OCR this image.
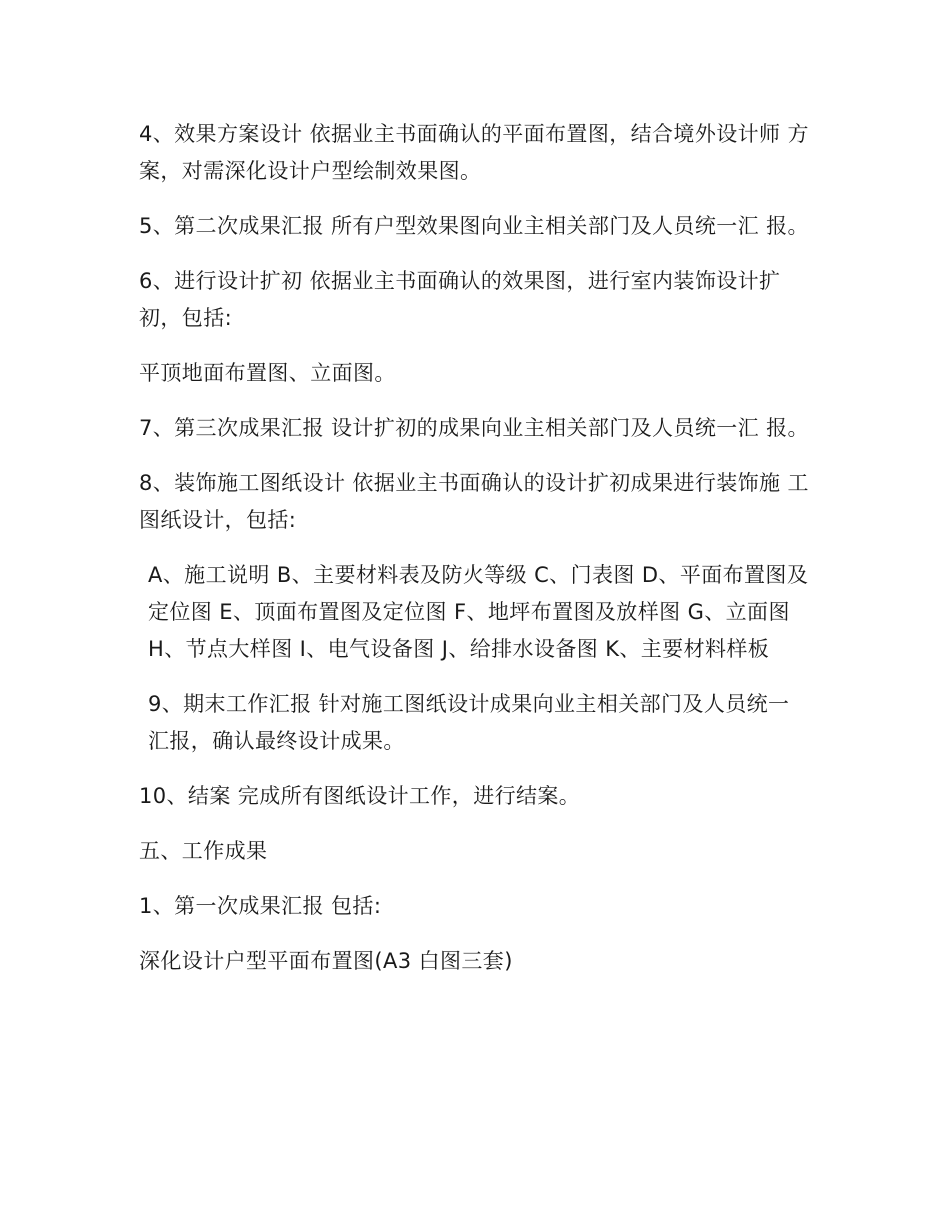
4、效果方案设计 依据业主书面确认的平面布置图，结合境外设计师 方案，对需深化设计户型绘制效果图。

5、第二次成果汇报 所有户型效果图向业主相关部门及人员统一汇 报。

6、进行设计扩初 依据业主书面确认的效果图，进行室内装饰设计扩 初，包括:

平顶地面布置图、立面图。

7、第三次成果汇报 设计扩初的成果向业主相关部门及人员统一汇 报。

8、装饰施工图纸设计 依据业主书面确认的设计扩初成果进行装饰施 工图纸设计，包括:

A、施工说明 B、主要材料表及防火等级 C、门表图 D、平面布置图及定位图 E、顶面布置图及定位图 F、地坪布置图及放样图 G、立面图 H、节点大样图 I、电气设备图 J、给排水设备图 K、主要材料样板

9、期末工作汇报 针对施工图纸设计成果向业主相关部门及人员统一 汇报，确认最终设计成果。

10、结案 完成所有图纸设计工作，进行结案。

五、工作成果

1、第一次成果汇报 包括:

深化设计户型平面布置图(A3 白图三套)
